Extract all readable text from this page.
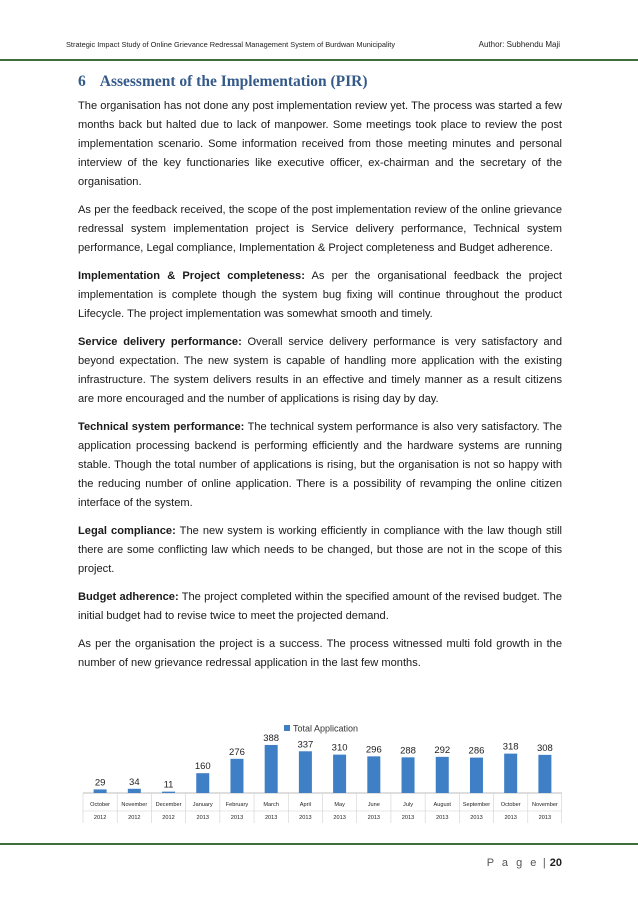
Strategic Impact Study of Online Grievance Redressal Management System of Burdwan Municipality	Author: Subhendu Maji
6 Assessment of the Implementation (PIR)

The organisation has not done any post implementation review yet. The process was started a few months back but halted due to lack of manpower. Some meetings took place to review the post implementation scenario. Some information received from those meeting minutes and personal interview of the key functionaries like executive officer, ex-chairman and the secretary of the organisation.

As per the feedback received, the scope of the post implementation review of the online grievance redressal system implementation project is Service delivery performance, Technical system performance, Legal compliance, Implementation & Project completeness and Budget adherence.

Implementation & Project completeness: As per the organisational feedback the project implementation is complete though the system bug fixing will continue throughout the product Lifecycle. The project implementation was somewhat smooth and timely.

Service delivery performance: Overall service delivery performance is very satisfactory and beyond expectation. The new system is capable of handling more application with the existing infrastructure. The system delivers results in an effective and timely manner as a result citizens are more encouraged and the number of applications is rising day by day.

Technical system performance: The technical system performance is also very satisfactory. The application processing backend is performing efficiently and the hardware systems are running stable. Though the total number of applications is rising, but the organisation is not so happy with the reducing number of online application. There is a possibility of revamping the online citizen interface of the system.

Legal compliance: The new system is working efficiently in compliance with the law though still there are some conflicting law which needs to be changed, but those are not in the scope of this project.

Budget adherence: The project completed within the specified amount of the revised budget. The initial budget had to revise twice to meet the projected demand.

As per the organisation the project is a success. The process witnessed multi fold growth in the number of new grievance redressal application in the last few months.

Total Application
29
October
2012
34
November
2012
11
December
2012
160
January
2013
276
February
2013
388
March
2013
337
April
2013
310
May
2013
296
June
2013
288
July
2013
292
August
2013
286
September
2013
318
October
2013
308
November
2013
P a g e | 20
